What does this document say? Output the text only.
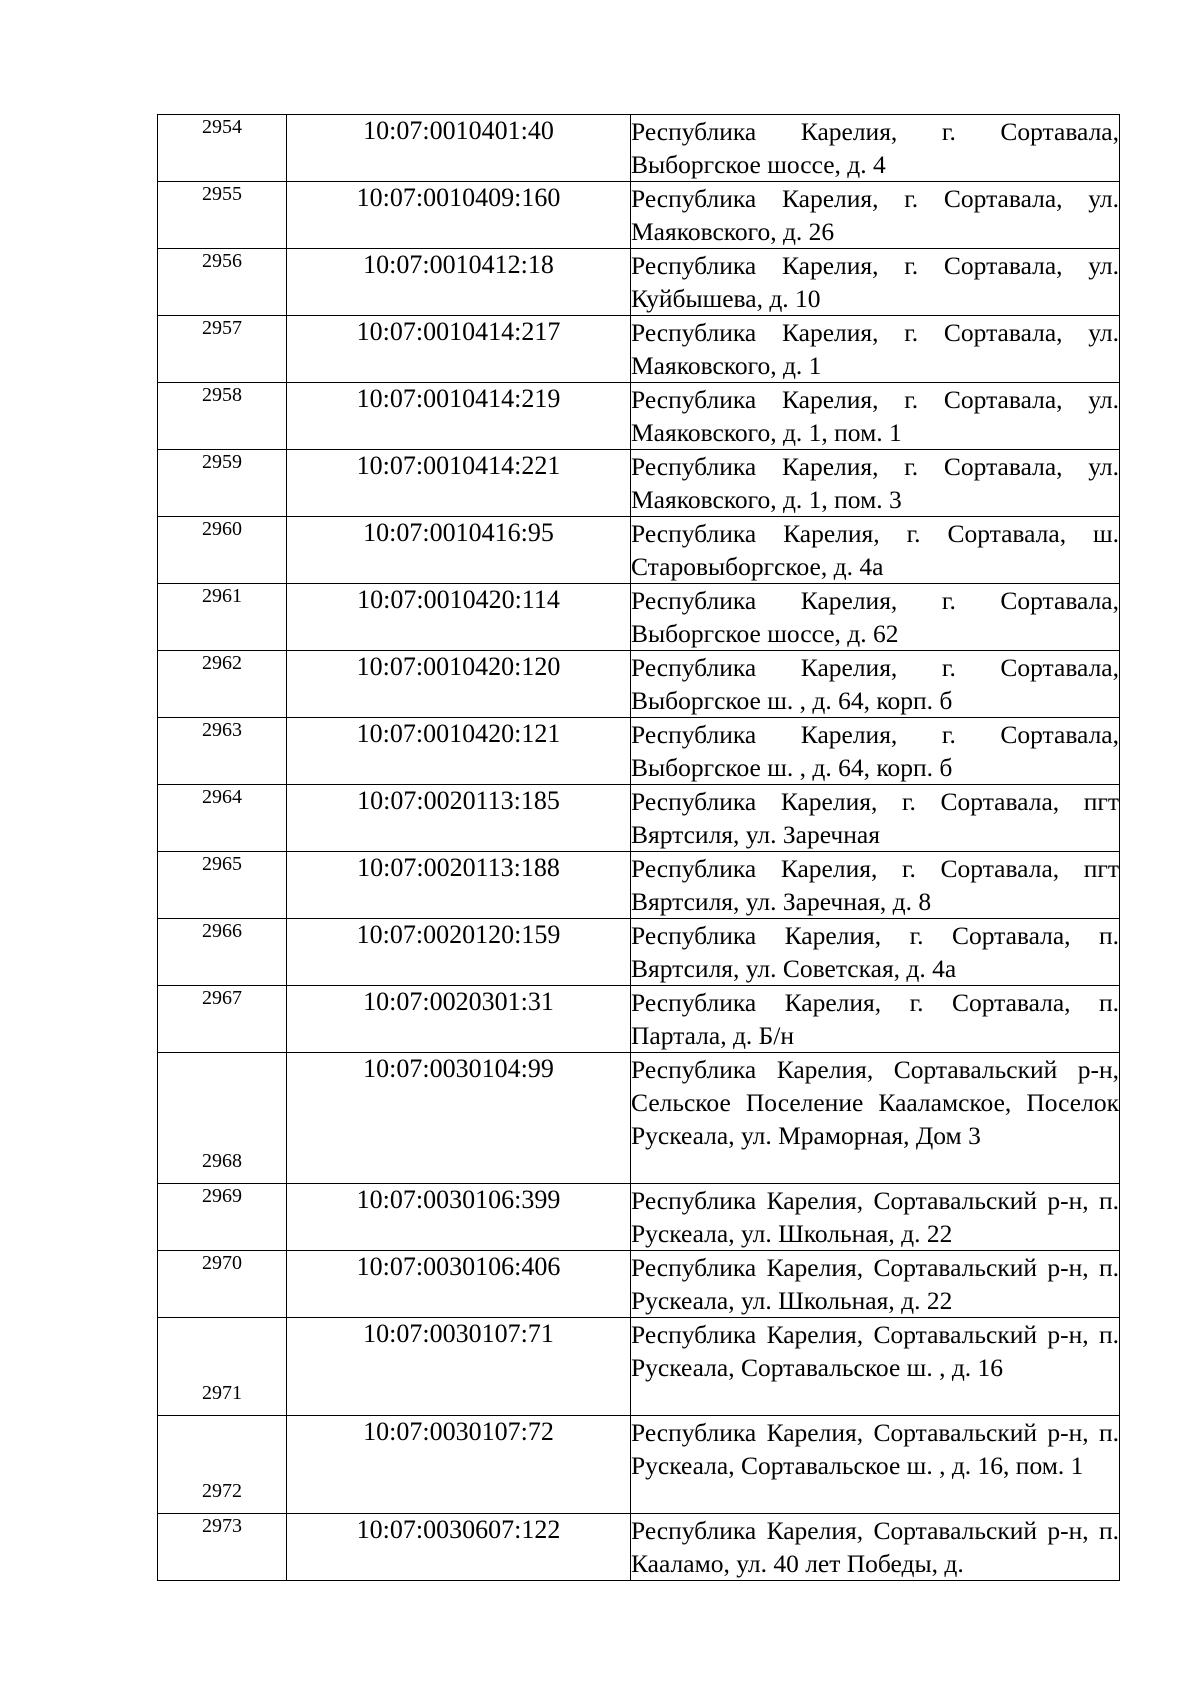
2954	10:07:0010401:40	Республика Карелия, г. Сортавала, Выборгское шоссе, д. 4
2955	10:07:0010409:160	Республика Карелия, г. Сортавала, ул. Маяковского, д. 26
2956	10:07:0010412:18	Республика Карелия, г. Сортавала, ул. Куйбышева, д. 10
2957	10:07:0010414:217	Республика Карелия, г. Сортавала, ул. Маяковского, д. 1
2958	10:07:0010414:219	Республика Карелия, г. Сортавала, ул. Маяковского, д. 1, пом. 1
2959	10:07:0010414:221	Республика Карелия, г. Сортавала, ул. Маяковского, д. 1, пом. 3
2960	10:07:0010416:95	Республика Карелия, г. Сортавала, ш. Старовыборгское, д. 4а
2961	10:07:0010420:114	Республика Карелия, г. Сортавала, Выборгское шоссе, д. 62
2962	10:07:0010420:120	Республика Карелия, г. Сортавала, Выборгское ш. , д. 64, корп. б
2963	10:07:0010420:121	Республика Карелия, г. Сортавала, Выборгское ш. , д. 64, корп. б
2964	10:07:0020113:185	Республика Карелия, г. Сортавала, пгт Вяртсиля, ул. Заречная
2965	10:07:0020113:188	Республика Карелия, г. Сортавала, пгт Вяртсиля, ул. Заречная, д. 8
2966	10:07:0020120:159	Республика Карелия, г. Сортавала, п. Вяртсиля, ул. Советская, д. 4а
2967	10:07:0020301:31	Республика Карелия, г. Сортавала, п. Партала, д. Б/н
2968	10:07:0030104:99	Республика Карелия, Сортавальский р-н, Сельское Поселение Кааламское, Поселок Рускеала, ул. Мраморная, Дом 3
2969	10:07:0030106:399	Республика Карелия, Сортавальский р-н, п. Рускеала, ул. Школьная, д. 22
2970	10:07:0030106:406	Республика Карелия, Сортавальский р-н, п. Рускеала, ул. Школьная, д. 22
2971	10:07:0030107:71	Республика Карелия, Сортавальский р-н, п. Рускеала, Сортавальское ш. , д. 16
2972	10:07:0030107:72	Республика Карелия, Сортавальский р-н, п. Рускеала, Сортавальское ш. , д. 16, пом. 1
2973	10:07:0030607:122	Республика Карелия, Сортавальский р-н, п. Кааламо, ул. 40 лет Победы, д.
